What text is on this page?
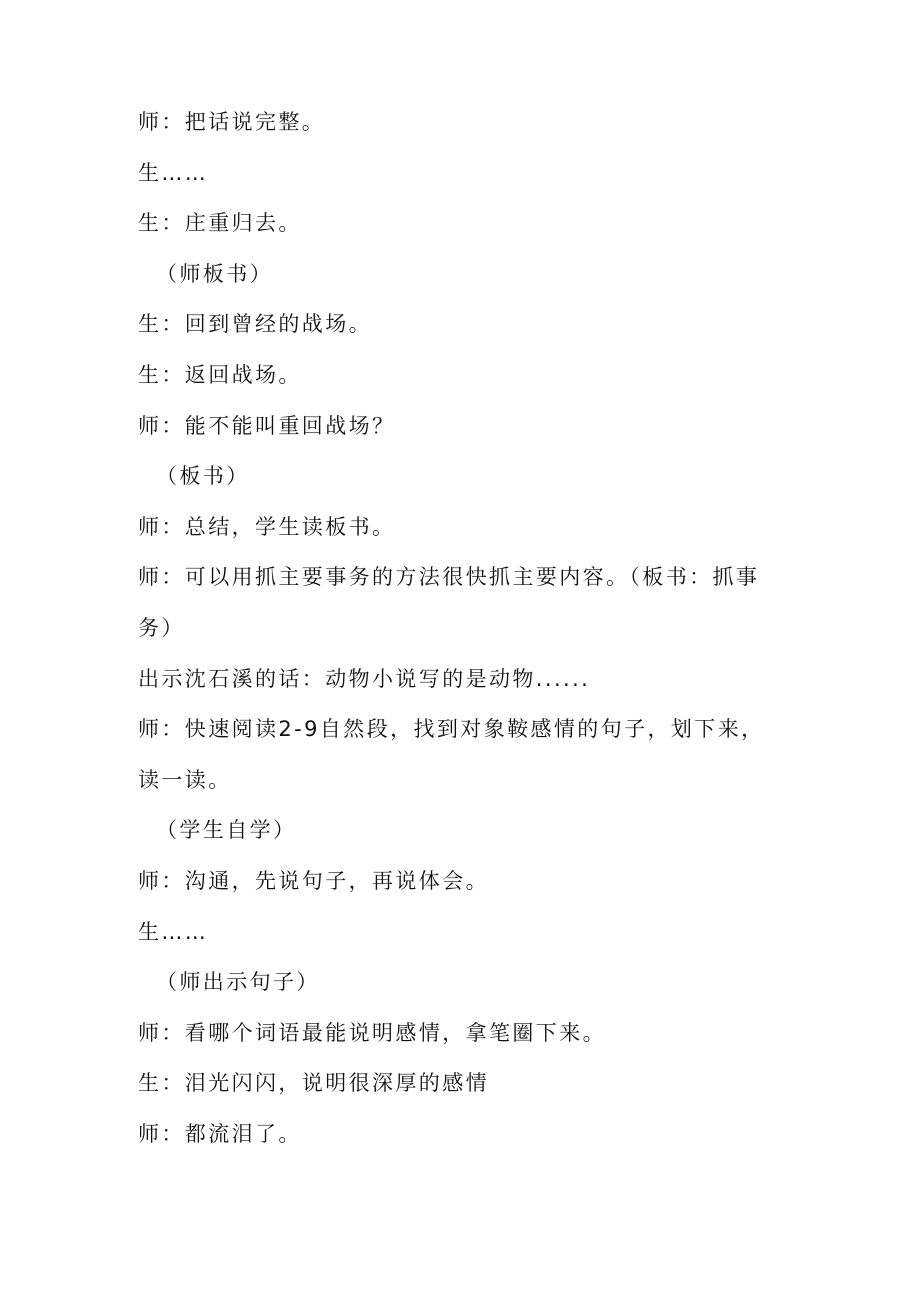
师：把话说完整。
生……
生：庄重归去。
（师板书）
生：回到曾经的战场。
生：返回战场。
师：能不能叫重回战场？
（板书）
师：总结，学生读板书。
师：可以用抓主要事务的方法很快抓主要内容。（板书：抓事
务）
出示沈石溪的话：动物小说写的是动物......
师：快速阅读2-9自然段，找到对象鞍感情的句子，划下来，
读一读。
（学生自学）
师：沟通，先说句子，再说体会。
生……
（师出示句子）
师：看哪个词语最能说明感情，拿笔圈下来。
生：泪光闪闪，说明很深厚的感情
师：都流泪了。
